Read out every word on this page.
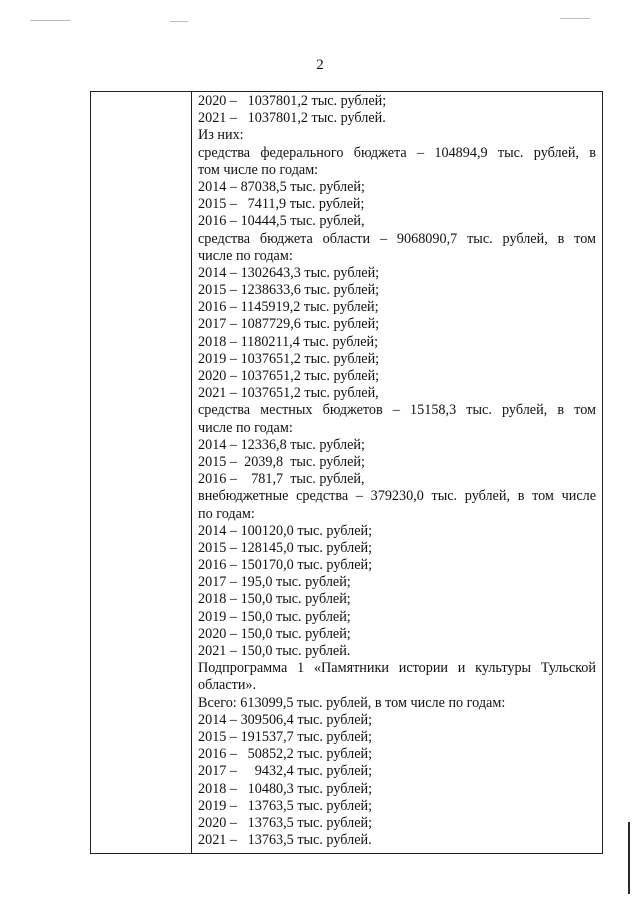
2
2020 –   1037801,2 тыс. рублей;
2021 –   1037801,2 тыс. рублей.
Из них:
средства федерального бюджета – 104894,9 тыс. рублей, в
том числе по годам:
2014 – 87038,5 тыс. рублей;
2015 –   7411,9 тыс. рублей;
2016 – 10444,5 тыс. рублей,
средства бюджета области – 9068090,7 тыс. рублей, в том
числе по годам:
2014 – 1302643,3 тыс. рублей;
2015 – 1238633,6 тыс. рублей;
2016 – 1145919,2 тыс. рублей;
2017 – 1087729,6 тыс. рублей;
2018 – 1180211,4 тыс. рублей;
2019 – 1037651,2 тыс. рублей;
2020 – 1037651,2 тыс. рублей;
2021 – 1037651,2 тыс. рублей,
средства местных бюджетов – 15158,3 тыс. рублей, в том
числе по годам:
2014 – 12336,8 тыс. рублей;
2015 –  2039,8  тыс. рублей;
2016 –    781,7  тыс. рублей,
внебюджетные средства – 379230,0 тыс. рублей, в том числе
по годам:
2014 – 100120,0 тыс. рублей;
2015 – 128145,0 тыс. рублей;
2016 – 150170,0 тыс. рублей;
2017 – 195,0 тыс. рублей;
2018 – 150,0 тыс. рублей;
2019 – 150,0 тыс. рублей;
2020 – 150,0 тыс. рублей;
2021 – 150,0 тыс. рублей.
Подпрограмма 1 «Памятники истории и культуры Тульской
области».
Всего: 613099,5 тыс. рублей, в том числе по годам:
2014 – 309506,4 тыс. рублей;
2015 – 191537,7 тыс. рублей;
2016 –   50852,2 тыс. рублей;
2017 –     9432,4 тыс. рублей;
2018 –   10480,3 тыс. рублей;
2019 –   13763,5 тыс. рублей;
2020 –   13763,5 тыс. рублей;
2021 –   13763,5 тыс. рублей.
